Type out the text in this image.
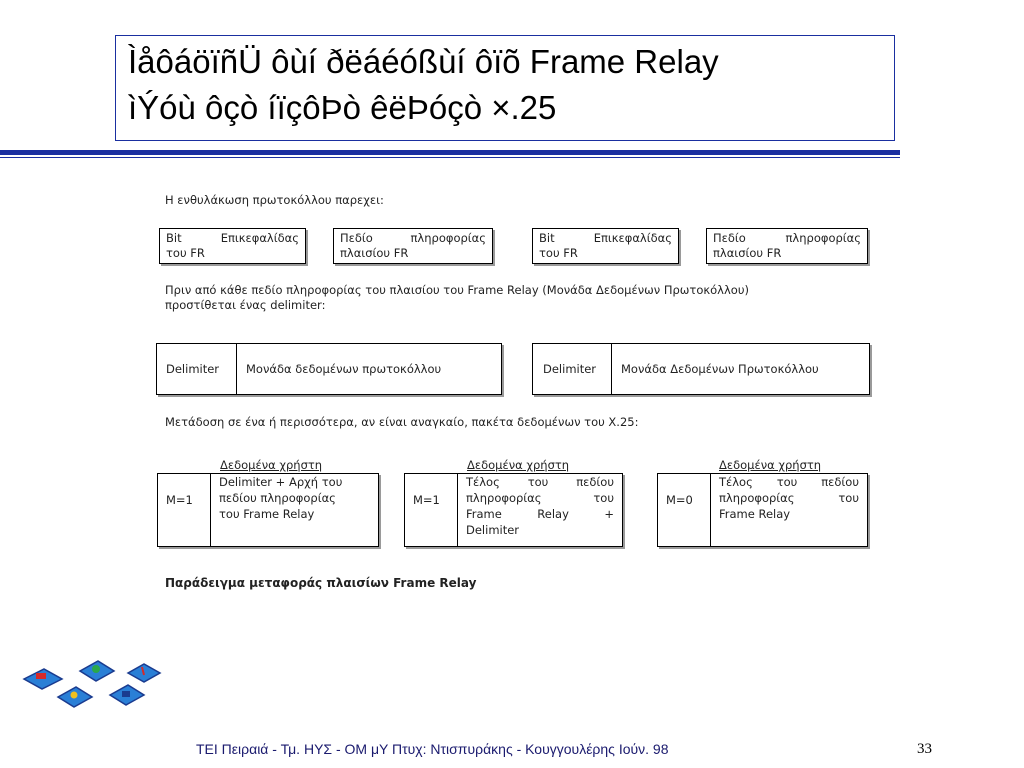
ÌåôáöïñÜ ôùí ðëáéóßùí ôïõ Frame Relay
ìÝóù ôçò íïçôÞò êëÞóçò ×.25
Η ενθυλάκωση πρωτοκόλλου παρεχει:
Bit	Επικεφαλίδας
του FR
Πεδίο	πληροφορίας
πλαισίου FR
Bit	Επικεφαλίδας
του FR
Πεδίο	πληροφορίας
πλαισίου FR
Πριν από κάθε πεδίο πληροφορίας του πλαισίου του Frame Relay (Μονάδα Δεδομένων Πρωτοκόλλου)
προστίθεται ένας delimiter:
Delimiter Μονάδα δεδομένων πρωτοκόλλου	Delimiter Μονάδα Δεδομένων Πρωτοκόλλου
Μετάδοση σε ένα ή περισσότερα, αν είναι αναγκαίο, πακέτα δεδομένων του Χ.25:
Δεδομένα χρήστη
M=1
Delimiter + Αρχή του
πεδίου πληροφορίας
του Frame Relay
Δεδομένα χρήστη
M=1
Τέλος του πεδίου
πληροφορίας	του
Frame	Relay	+
Delimiter
Δεδομένα χρήστη
M=0
Τέλος του πεδίου
πληροφορίας	του
Frame Relay
Παράδειγμα μεταφοράς πλαισίων Frame Relay
ΤΕΙ Πειραιά - Τμ. ΗΥΣ - ΟΜ μΥ Πτυχ: Ντισπυράκης - Κουγγουλέρης Ιούν. 98	33
